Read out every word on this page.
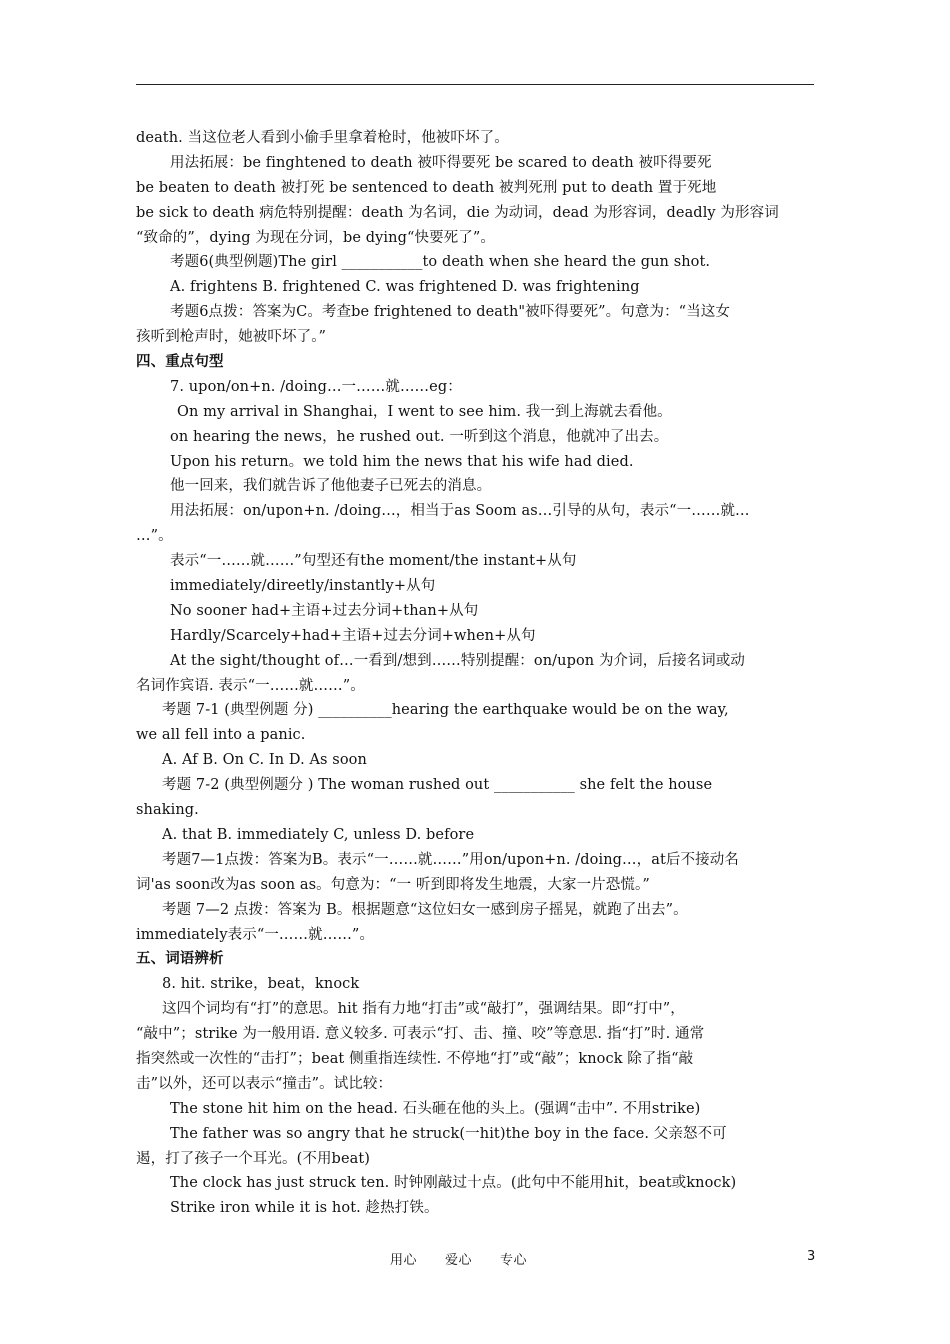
death. 当这位老人看到小偷手里拿着枪时，他被吓坏了。
用法拓展：be finghtened to death 被吓得要死 be scared to death 被吓得要死
be beaten to death 被打死 be sentenced to death 被判死刑 put to death 置于死地
be sick to death 病危特别提醒：death 为名词，die 为动词，dead 为形容词，deadly 为形容词
“致命的”，dying 为现在分词，be dying“快要死了”。
考题6(典型例题)The girl ___________to death when she heard the gun shot.
A. frightens B. frightened C. was frightened D. was frightening
考题6点拨：答案为C。考查be frightened to death"被吓得要死”。句意为：“当这女
孩听到枪声时，她被吓坏了。”
四、重点句型
7. upon/on+n. /doing…一……就……eg：
On my arrival in Shanghai，I went to see him. 我一到上海就去看他。
on hearing the news，he rushed out. 一听到这个消息，他就冲了出去。
Upon his return。we told him the news that his wife had died.
他一回来，我们就告诉了他他妻子已死去的消息。
用法拓展：on/upon+n. /doing…，相当于as Soom as…引导的从句，表示“一……就…
…”。
表示“一……就……”句型还有the moment/the instant+从句
immediately/direetly/instantly+从句
No sooner had+主语+过去分词+than+从句
Hardly/Scarcely+had+主语+过去分词+when+从句
At the sight/thought of…一看到/想到……特别提醒：on/upon 为介词，后接名词或动
名词作宾语. 表示“一……就……”。
考题 7-1 (典型例题 分) __________hearing the earthquake would be on the way,
we all fell into a panic.
A. Af B. On C. In D. As soon
考题 7-2 (典型例题分 ) The woman rushed out ___________ she felt the house
shaking.
A. that B. immediately C, unless D. before
考题7—1点拨：答案为B。表示“一……就……”用on/upon+n. /doing…，at后不接动名
词'as soon改为as soon as。句意为：“一 听到即将发生地震，大家一片恐慌。”
考题 7—2 点拨：答案为 B。根据题意“这位妇女一感到房子摇晃，就跑了出去”。
immediately表示“一……就……”。
五、词语辨析
8. hit. strike，beat，knock
这四个词均有“打”的意思。hit 指有力地“打击”或“敲打”，强调结果。即“打中”，
“敲中”；strike 为一般用语. 意义较多. 可表示“打、击、撞、咬”等意思. 指“打”时. 通常
指突然或一次性的“击打”；beat 侧重指连续性. 不停地“打”或“敲”；knock 除了指“敲
击”以外，还可以表示“撞击”。试比较：
The stone hit him on the head. 石头砸在他的头上。(强调“击中”. 不用strike)
The father was so angry that he struck(一hit)the boy in the face. 父亲怒不可
遏，打了孩子一个耳光。(不用beat)
The clock has just struck ten. 时钟刚敲过十点。(此句中不能用hit，beat或knock)
Strike iron while it is hot. 趁热打铁。
用心 爱心 专心	3
